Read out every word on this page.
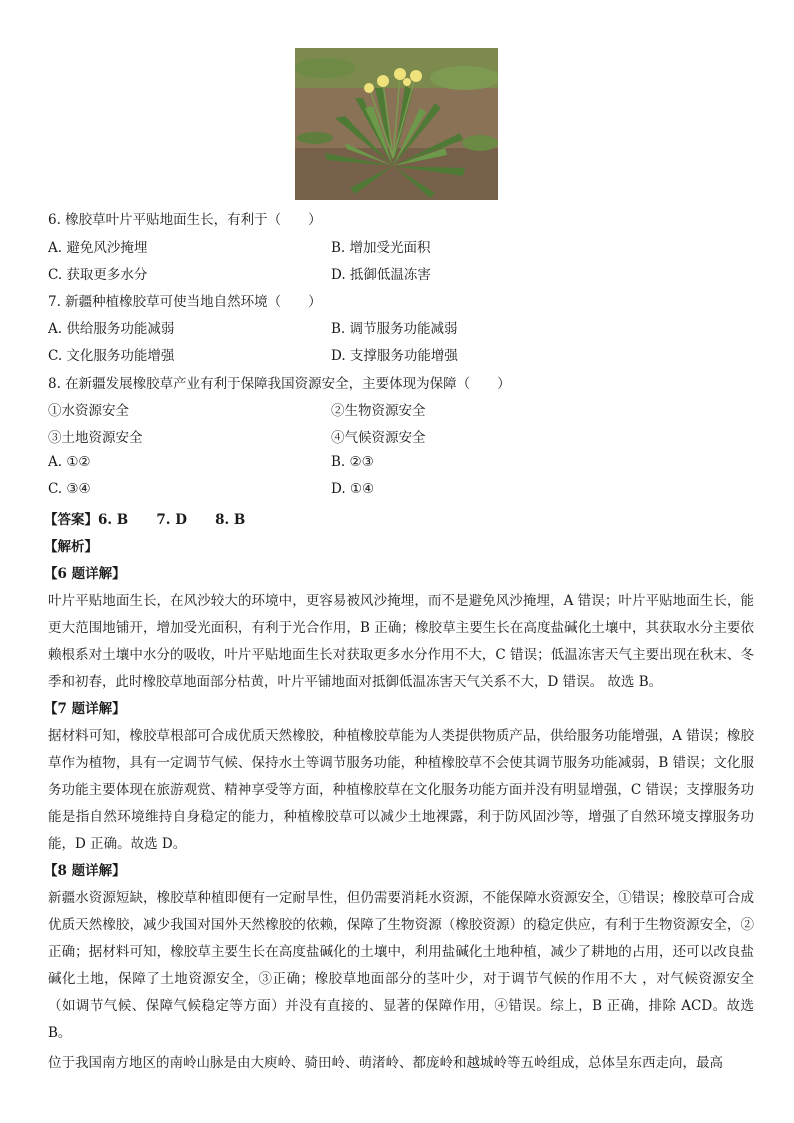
6. 橡胶草叶片平贴地面生长，有利于（　　）
A. 避免风沙掩埋	B. 增加受光面积
C. 获取更多水分	D. 抵御低温冻害
7. 新疆种植橡胶草可使当地自然环境（　　）
A. 供给服务功能减弱	B. 调节服务功能减弱
C. 文化服务功能增强	D. 支撑服务功能增强
8. 在新疆发展橡胶草产业有利于保障我国资源安全，主要体现为保障（　　）
①水资源安全	②生物资源安全
③土地资源安全	④气候资源安全
A. ①②	B. ②③
C. ③④	D. ①④
【答案】6. B      7. D      8. B
【解析】
【6 题详解】
叶片平贴地面生长，在风沙较大的环境中，更容易被风沙掩埋，而不是避免风沙掩埋，A 错误；叶片平贴地面生长，能更大范围地铺开，增加受光面积，有利于光合作用，B 正确；橡胶草主要生长在高度盐碱化土壤中，其获取水分主要依赖根系对土壤中水分的吸收，叶片平贴地面生长对获取更多水分作用不大，C 错误；低温冻害天气主要出现在秋末、冬季和初春，此时橡胶草地面部分枯黄，叶片平铺地面对抵御低温冻害天气关系不大，D 错误。 故选 B。
【7 题详解】
据材料可知，橡胶草根部可合成优质天然橡胶，种植橡胶草能为人类提供物质产品，供给服务功能增强，A 错误；橡胶草作为植物，具有一定调节气候、保持水土等调节服务功能，种植橡胶草不会使其调节服务功能减弱，B 错误；文化服务功能主要体现在旅游观赏、精神享受等方面，种植橡胶草在文化服务功能方面并没有明显增强，C 错误；支撑服务功能是指自然环境维持自身稳定的能力，种植橡胶草可以减少土地裸露，利于防风固沙等，增强了自然环境支撑服务功能，D 正确。故选 D。
【8 题详解】
新疆水资源短缺，橡胶草种植即便有一定耐旱性，但仍需要消耗水资源，不能保障水资源安全，①错误；橡胶草可合成优质天然橡胶，减少我国对国外天然橡胶的依赖，保障了生物资源（橡胶资源）的稳定供应，有利于生物资源安全，②正确；据材料可知，橡胶草主要生长在高度盐碱化的土壤中，利用盐碱化土地种植，减少了耕地的占用，还可以改良盐碱化土地，保障了土地资源安全，③正确；橡胶草地面部分的茎叶少，对于调节气候的作用不大 ，对气候资源安全（如调节气候、保障气候稳定等方面）并没有直接的、显著的保障作用，④错误。综上，B 正确，排除 ACD。故选 B。
位于我国南方地区的南岭山脉是由大庾岭、骑田岭、萌渚岭、都庞岭和越城岭等五岭组成，总体呈东西走向，最高
